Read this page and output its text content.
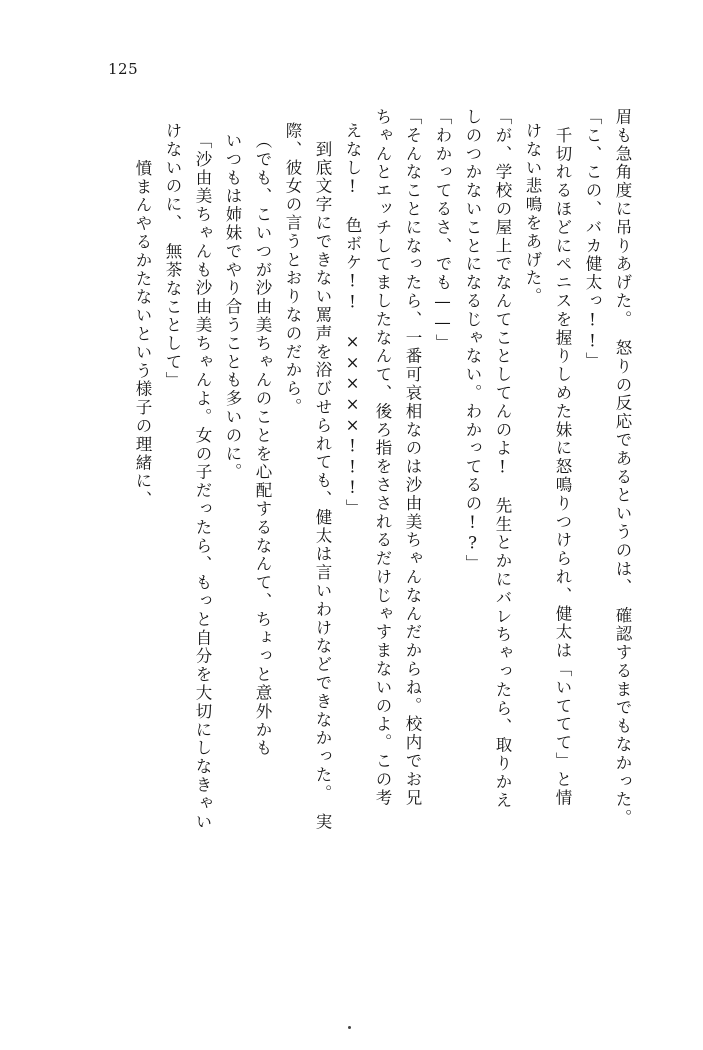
125
眉も急角度に吊りあげた。　怒りの反応であるというのは、　確認するまでもなかった。
「こ、この、バカ健太っ!!」
　千切れるほどにペニスを握りしめた妹に怒鳴りつけられ、健太は「いててて」と情
けない悲鳴をあげた。
「が、学校の屋上でなんてことしてんのよ!　先生とかにバレちゃったら、取りかえ
しのつかないことになるじゃない。わかってるの!?」
「わかってるさ、でも——」
「そんなことになったら、一番可哀相なのは沙由美ちゃんなんだからね。校内でお兄
ちゃんとエッチしてましたなんて、後ろ指をさされるだけじゃすまないのよ。この考
えなし!　色ボケ!!　×××××!!!」
　到底文字にできない罵声を浴びせられても、健太は言いわけなどできなかった。　実
際、彼女の言うとおりなのだから。
（でも、こいつが沙由美ちゃんのことを心配するなんて、ちょっと意外かも
いつもは姉妹でやり合うことも多いのに。
「沙由美ちゃんも沙由美ちゃんよ。女の子だったら、もっと自分を大切にしなきゃい
けないのに、　無茶なことして」
　憤まんやるかたないという様子の理緒に、
